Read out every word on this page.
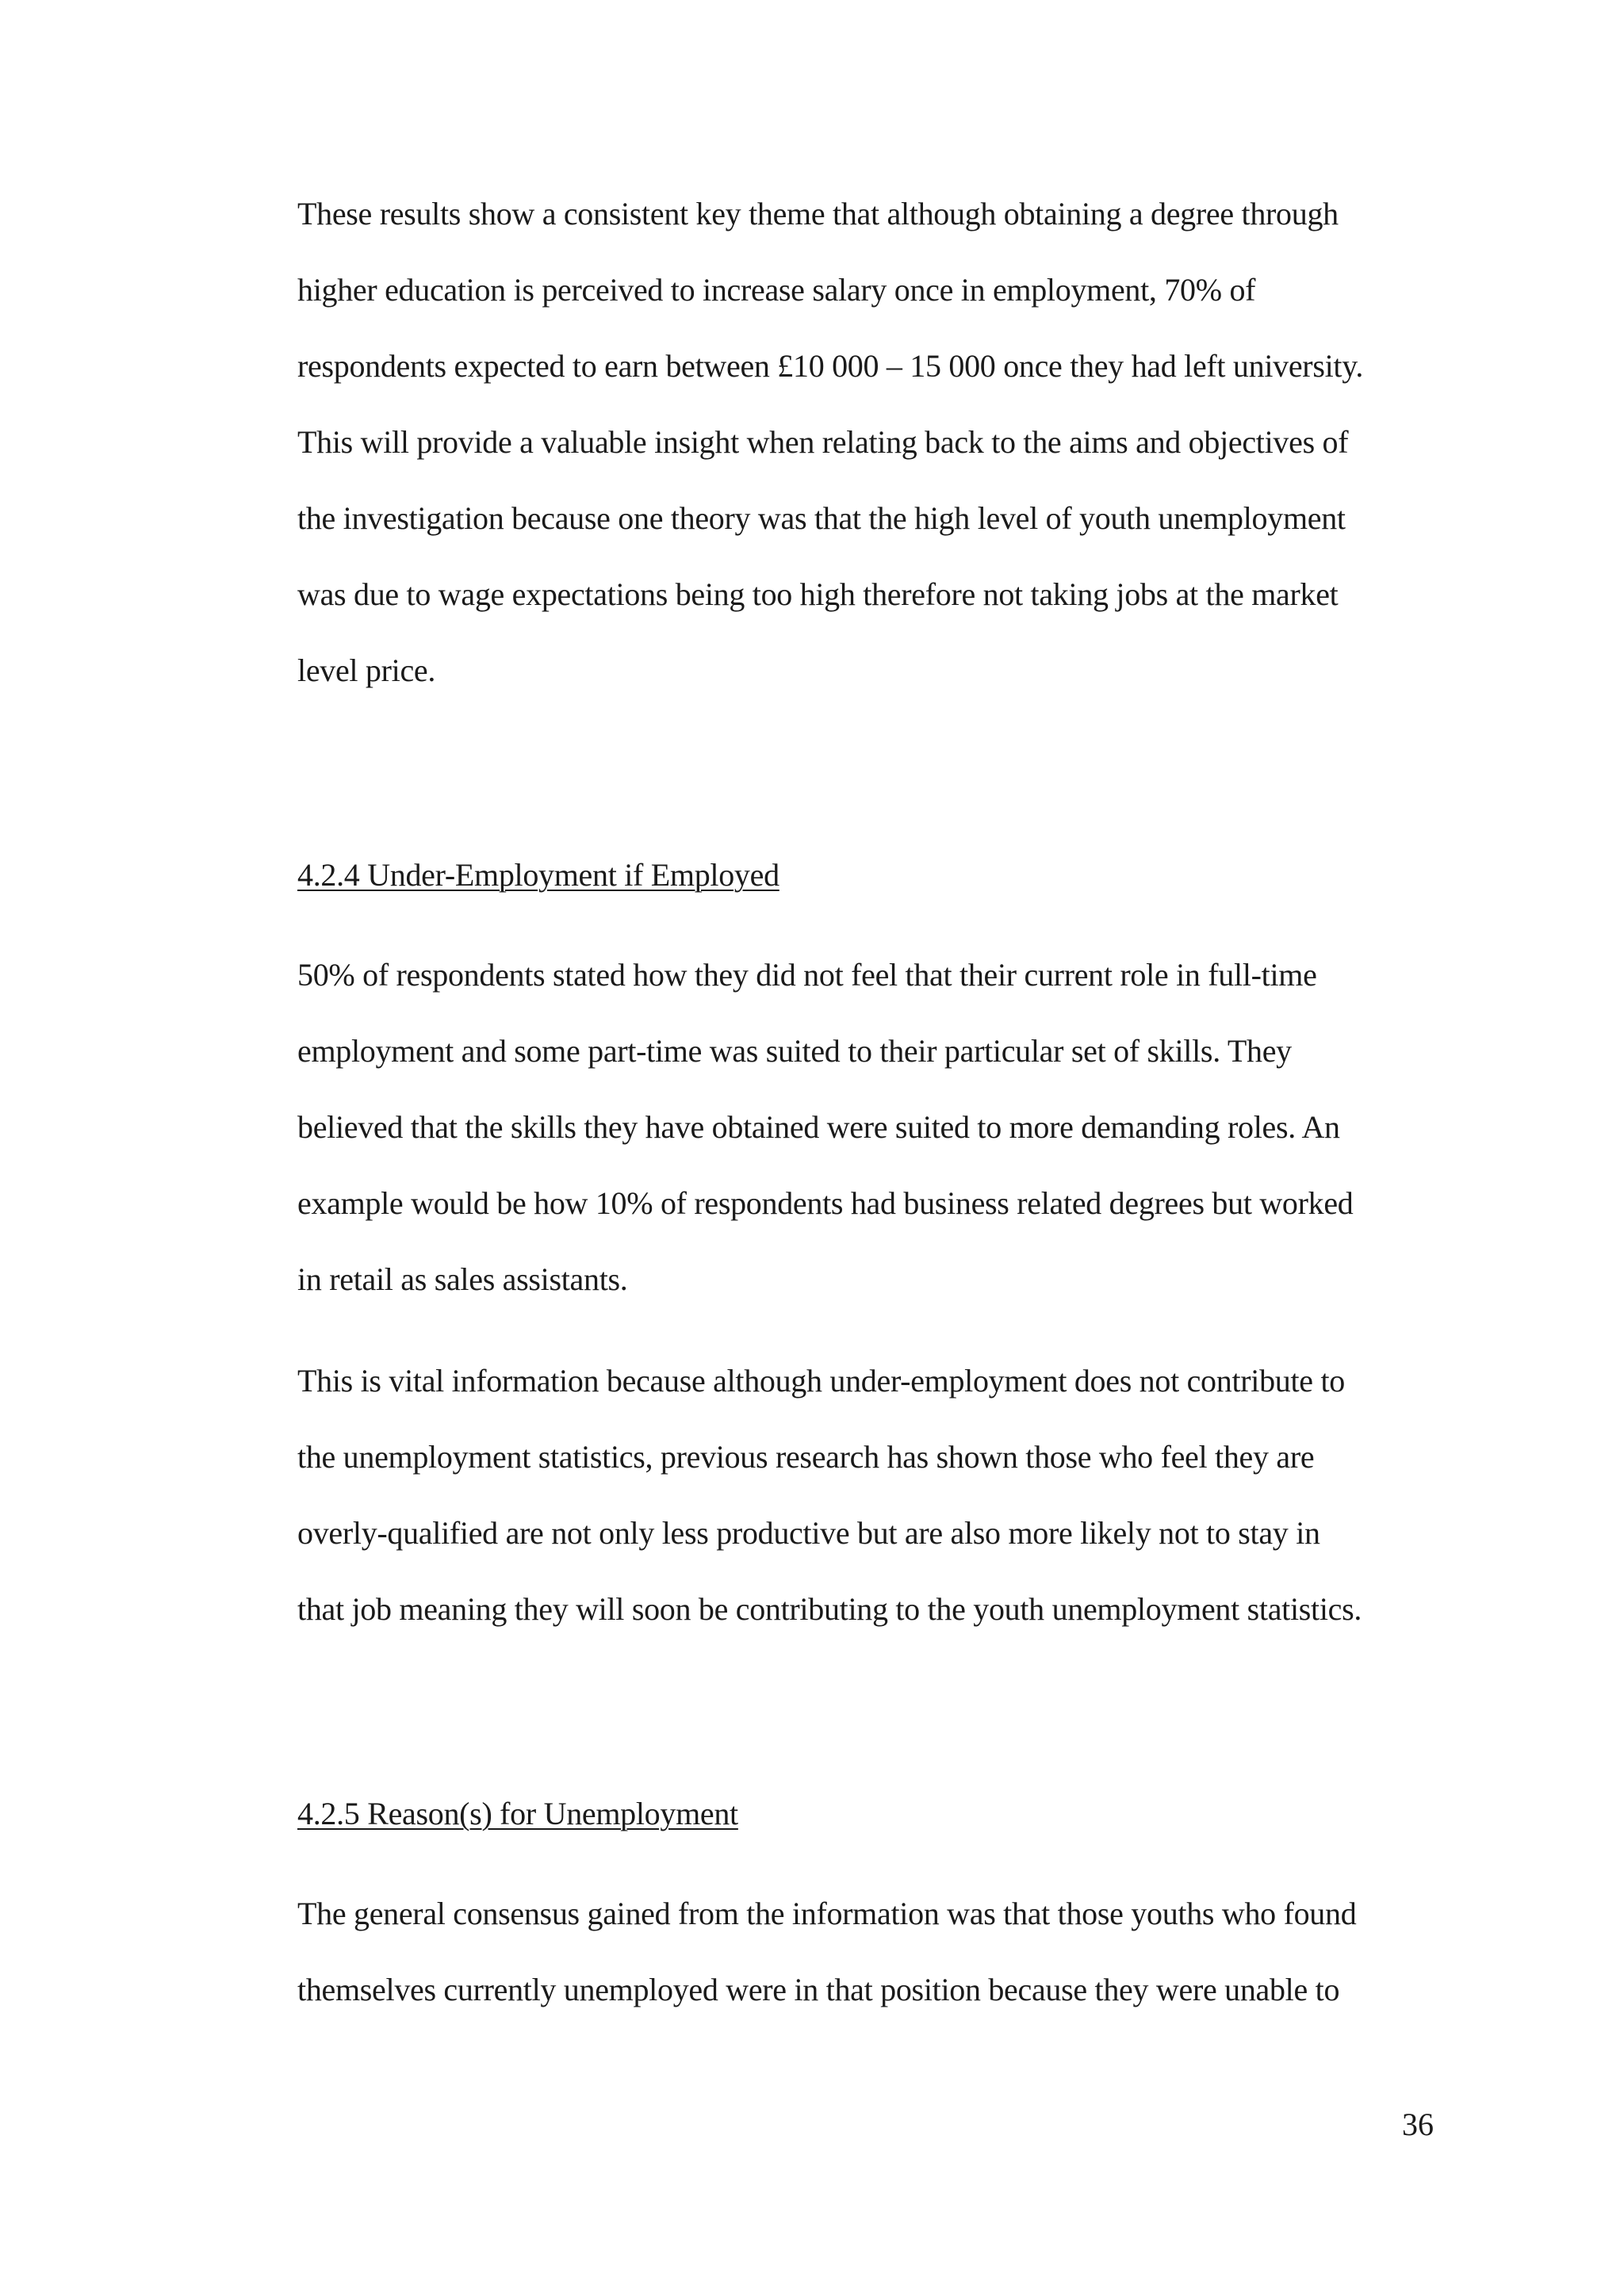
These results show a consistent key theme that although obtaining a degree through
higher education is perceived to increase salary once in employment, 70% of
respondents expected to earn between £10 000 – 15 000 once they had left university.
This will provide a valuable insight when relating back to the aims and objectives of
the investigation because one theory was that the high level of youth unemployment
was due to wage expectations being too high therefore not taking jobs at the market
level price.
4.2.4 Under-Employment if Employed
50% of respondents stated how they did not feel that their current role in full-time
employment and some part-time was suited to their particular set of skills. They
believed that the skills they have obtained were suited to more demanding roles. An
example would be how 10% of respondents had business related degrees but worked
in retail as sales assistants.
This is vital information because although under-employment does not contribute to
the unemployment statistics, previous research has shown those who feel they are
overly-qualified are not only less productive but are also more likely not to stay in
that job meaning they will soon be contributing to the youth unemployment statistics.
4.2.5 Reason(s) for Unemployment
The general consensus gained from the information was that those youths who found
themselves currently unemployed were in that position because they were unable to
36
